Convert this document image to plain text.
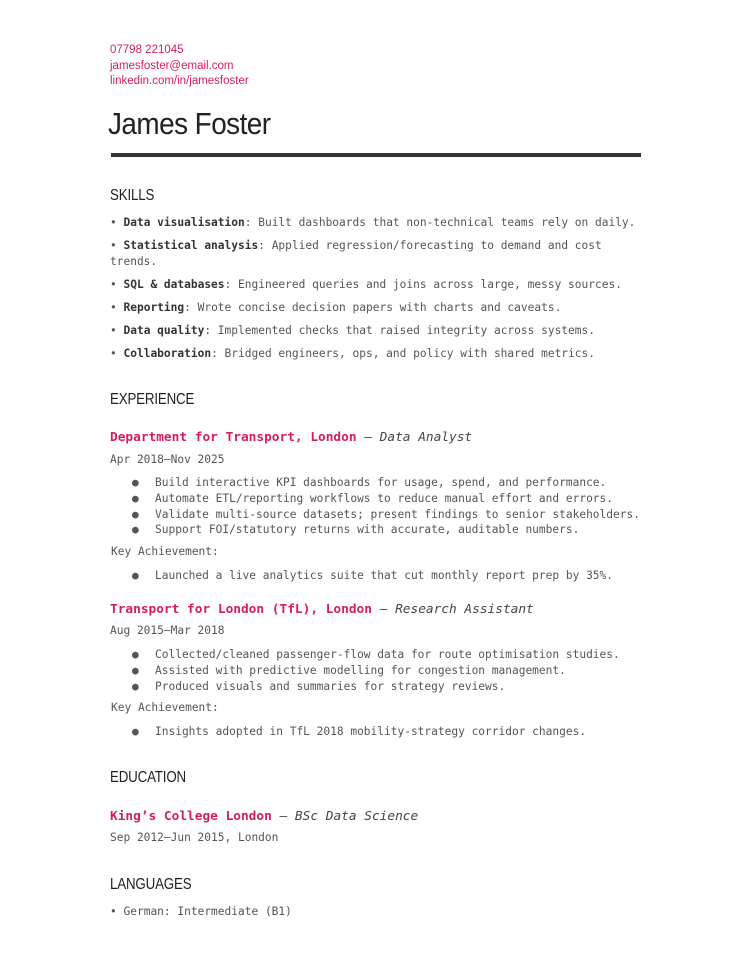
07798 221045
jamesfoster@email.com
linkedin.com/in/jamesfoster
James Foster
SKILLS
• Data visualisation: Built dashboards that non-technical teams rely on daily.
• Statistical analysis: Applied regression/forecasting to demand and cost trends.
• SQL & databases: Engineered queries and joins across large, messy sources.
• Reporting: Wrote concise decision papers with charts and caveats.
• Data quality: Implemented checks that raised integrity across systems.
• Collaboration: Bridged engineers, ops, and policy with shared metrics.
EXPERIENCE
Department for Transport, London — Data Analyst
Apr 2018–Nov 2025
● Build interactive KPI dashboards for usage, spend, and performance.
● Automate ETL/reporting workflows to reduce manual effort and errors.
● Validate multi-source datasets; present findings to senior stakeholders.
● Support FOI/statutory returns with accurate, auditable numbers.
Key Achievement:
● Launched a live analytics suite that cut monthly report prep by 35%.
Transport for London (TfL), London — Research Assistant
Aug 2015–Mar 2018
● Collected/cleaned passenger-flow data for route optimisation studies.
● Assisted with predictive modelling for congestion management.
● Produced visuals and summaries for strategy reviews.
Key Achievement:
● Insights adopted in TfL 2018 mobility-strategy corridor changes.
EDUCATION
King’s College London — BSc Data Science
Sep 2012–Jun 2015, London
LANGUAGES
• German: Intermediate (B1)
